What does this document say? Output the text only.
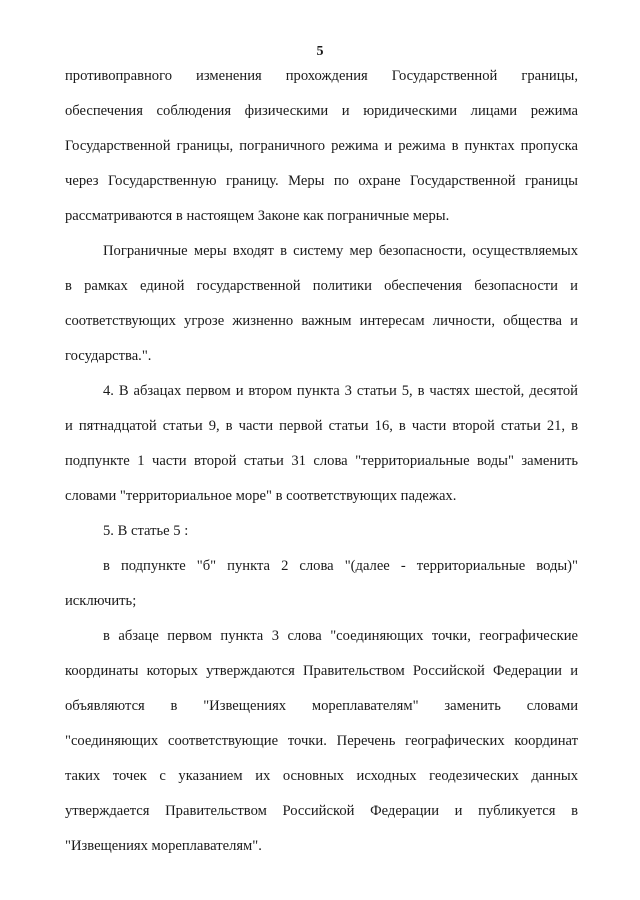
5
противоправного изменения прохождения Государственной границы,
обеспечения соблюдения физическими и юридическими лицами режима
Государственной границы, пограничного режима и режима в пунктах пропуска
через Государственную границу. Меры по охране Государственной границы
рассматриваются в настоящем Законе как пограничные меры.
Пограничные меры входят в систему мер безопасности, осуществляемых
в рамках единой государственной политики обеспечения безопасности и
соответствующих угрозе жизненно важным интересам личности, общества и
государства.".
4. В абзацах первом и втором пункта 3 статьи 5, в частях шестой, десятой
и пятнадцатой статьи 9, в части первой статьи 16, в части второй статьи 21, в
подпункте 1 части второй статьи 31 слова "территориальные воды" заменить
словами "территориальное море" в соответствующих падежах.
5. В статье 5 :
в подпункте "б" пункта 2 слова "(далее - территориальные воды)"
исключить;
в абзаце первом пункта 3 слова "соединяющих точки, географические
координаты которых утверждаются Правительством Российской Федерации и
объявляются в "Извещениях мореплавателям" заменить словами
"соединяющих соответствующие точки. Перечень географических координат
таких точек с указанием их основных исходных геодезических данных
утверждается Правительством Российской Федерации и публикуется в
"Извещениях мореплавателям".
